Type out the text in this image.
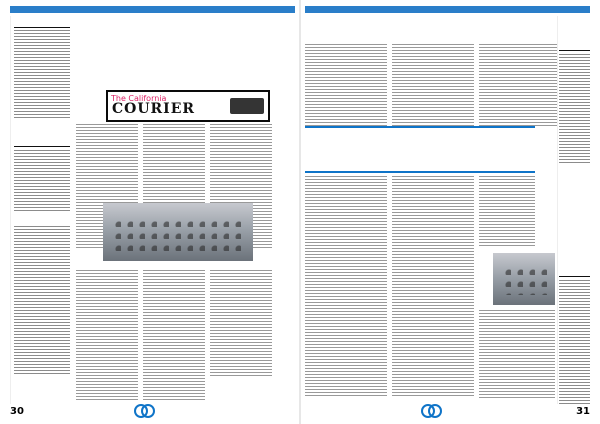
The California
COURIER
30	31
